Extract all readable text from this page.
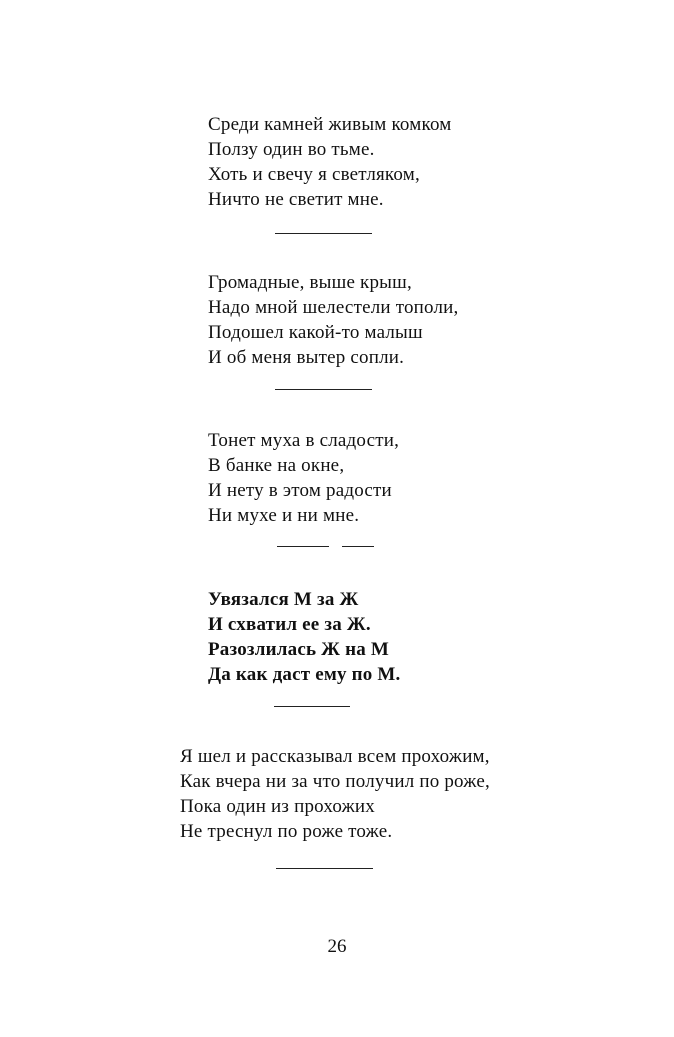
Среди камней живым комком
Ползу один во тьме.
Хоть и свечу я светляком,
Ничто не светит мне.
Громадные, выше крыш,
Надо мной шелестели тополи,
Подошел какой-то малыш
И об меня вытер сопли.
Тонет муха в сладости,
В банке на окне,
И нету в этом радости
Ни мухе и ни мне.
Увязался М за Ж
И схватил ее за Ж.
Разозлилась Ж на М
Да как даст ему по М.
Я шел и рассказывал всем прохожим,
Как вчера ни за что получил по роже,
Пока один из прохожих
Не треснул по роже тоже.
26
